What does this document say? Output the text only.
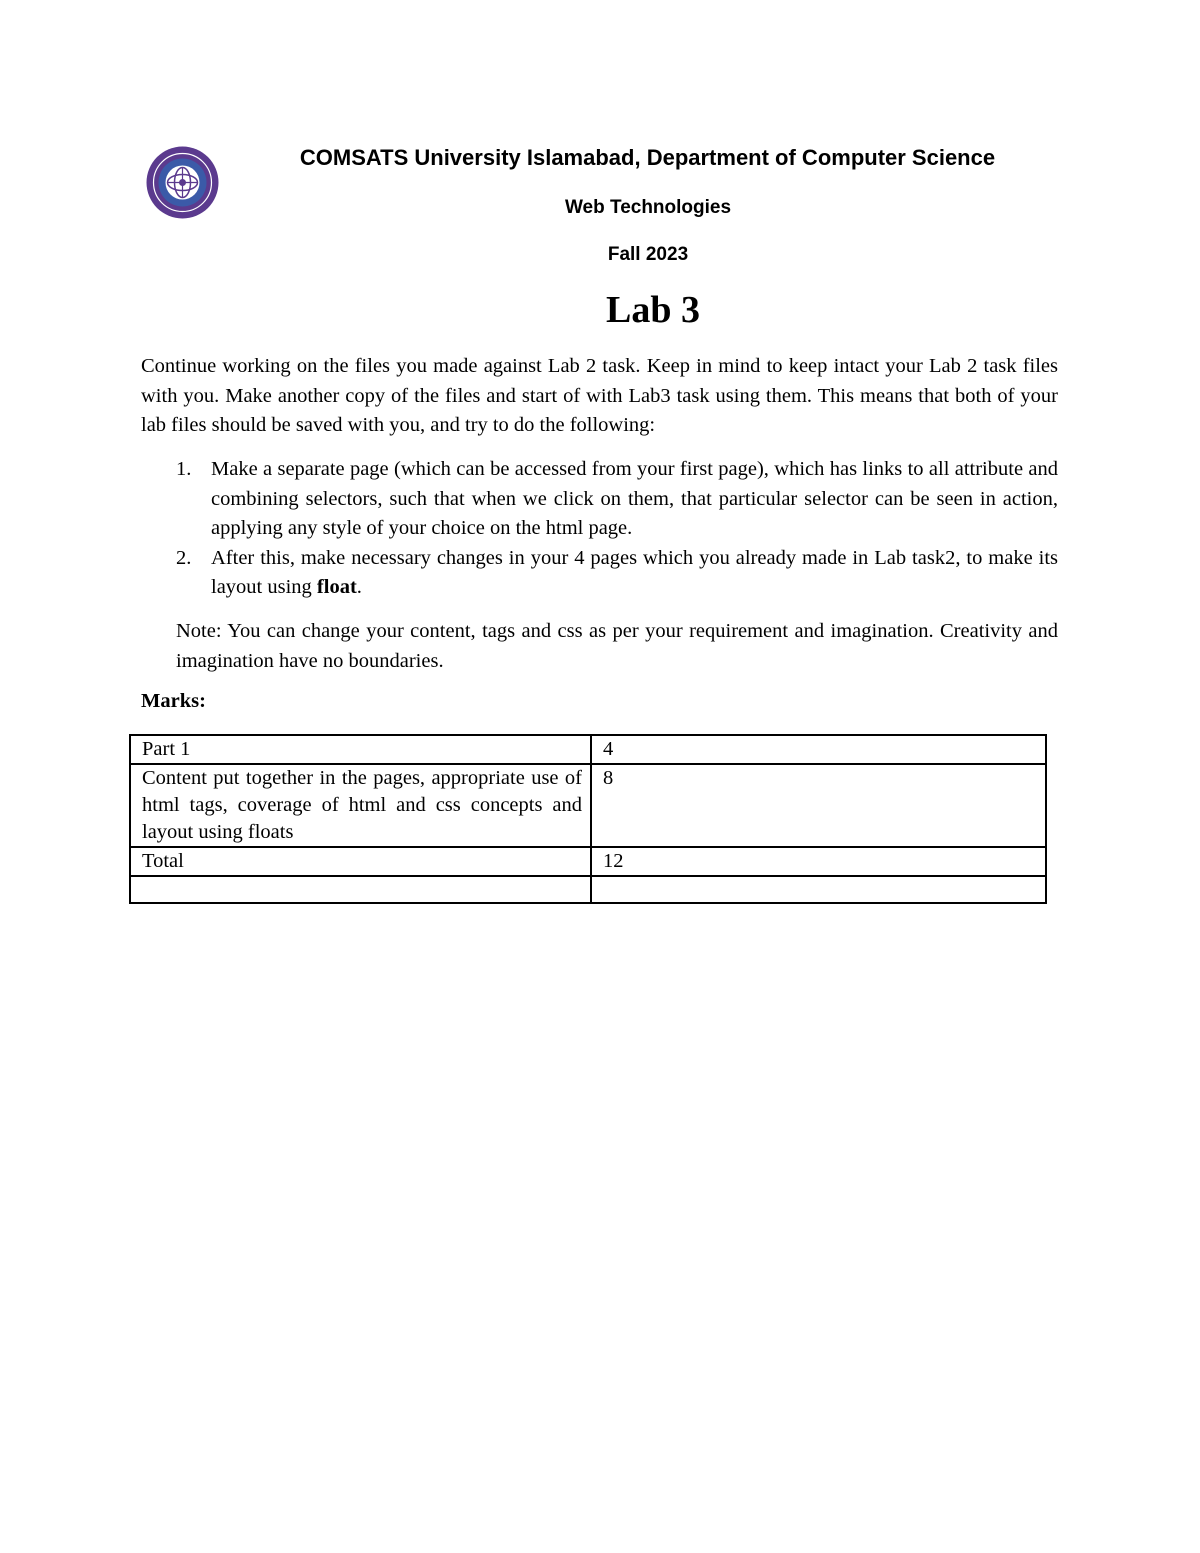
COMSATS University Islamabad, Department of Computer Science
Web Technologies
Fall 2023
Lab 3
Continue working on the files you made against Lab 2 task. Keep in mind to keep intact your Lab 2 task files with you. Make another copy of the files and start of with Lab3 task using them. This means that both of your lab files should be saved with you, and try to do the following:
1. Make a separate page (which can be accessed from your first page), which has links to all attribute and combining selectors, such that when we click on them, that particular selector can be seen in action, applying any style of your choice on the html page.
2. After this, make necessary changes in your 4 pages which you already made in Lab task2, to make its layout using float.
Note: You can change your content, tags and css as per your requirement and imagination. Creativity and imagination have no boundaries.
Marks:
Part 1	4
Content put together in the pages, appropriate use of html tags, coverage of html and css concepts and layout using floats	8
Total	12
